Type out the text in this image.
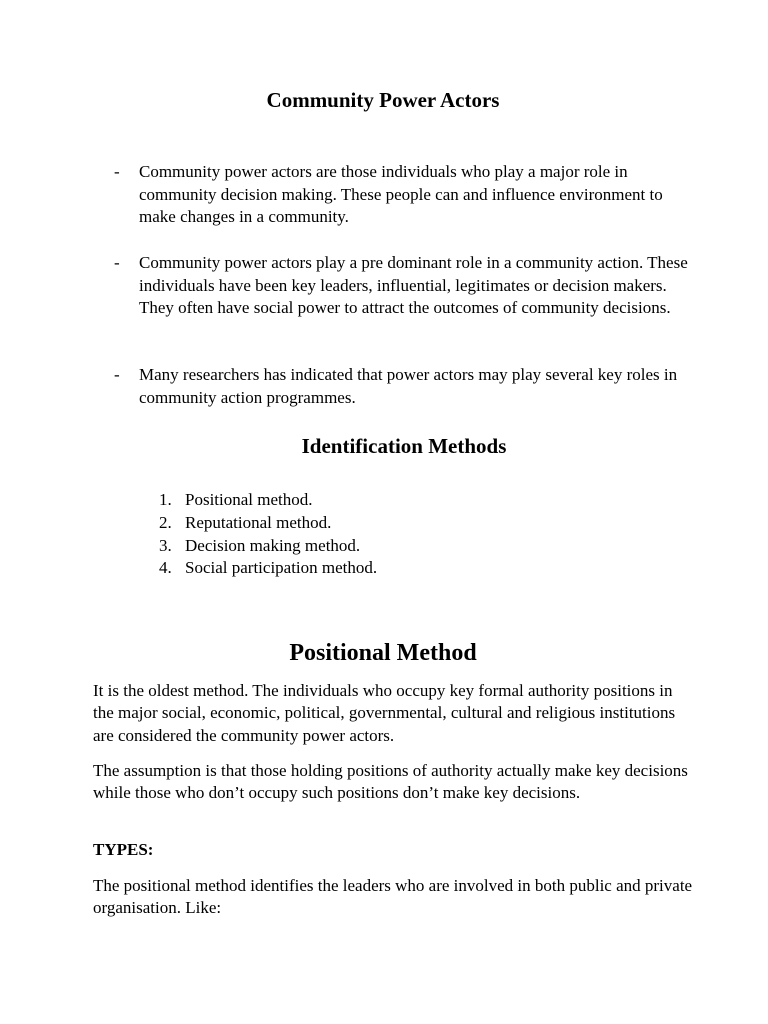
Community Power Actors
- Community power actors are those individuals who play a major role in community decision making. These people can and influence environment to make changes in a community.
- Community power actors play a pre dominant role in a community action. These individuals have been key leaders, influential, legitimates or decision makers. They often have social power to attract the outcomes of community decisions.
- Many researchers has indicated that power actors may play several key roles in community action programmes.
Identification Methods
1. Positional method.
2. Reputational method.
3. Decision making method.
4. Social participation method.
Positional Method

It is the oldest method. The individuals who occupy key formal authority positions in the major social, economic, political, governmental, cultural and religious institutions are considered the community power actors.

The assumption is that those holding positions of authority actually make key decisions while those who don’t occupy such positions don’t make key decisions.

TYPES:

The positional method identifies the leaders who are involved in both public and private organisation. Like:
